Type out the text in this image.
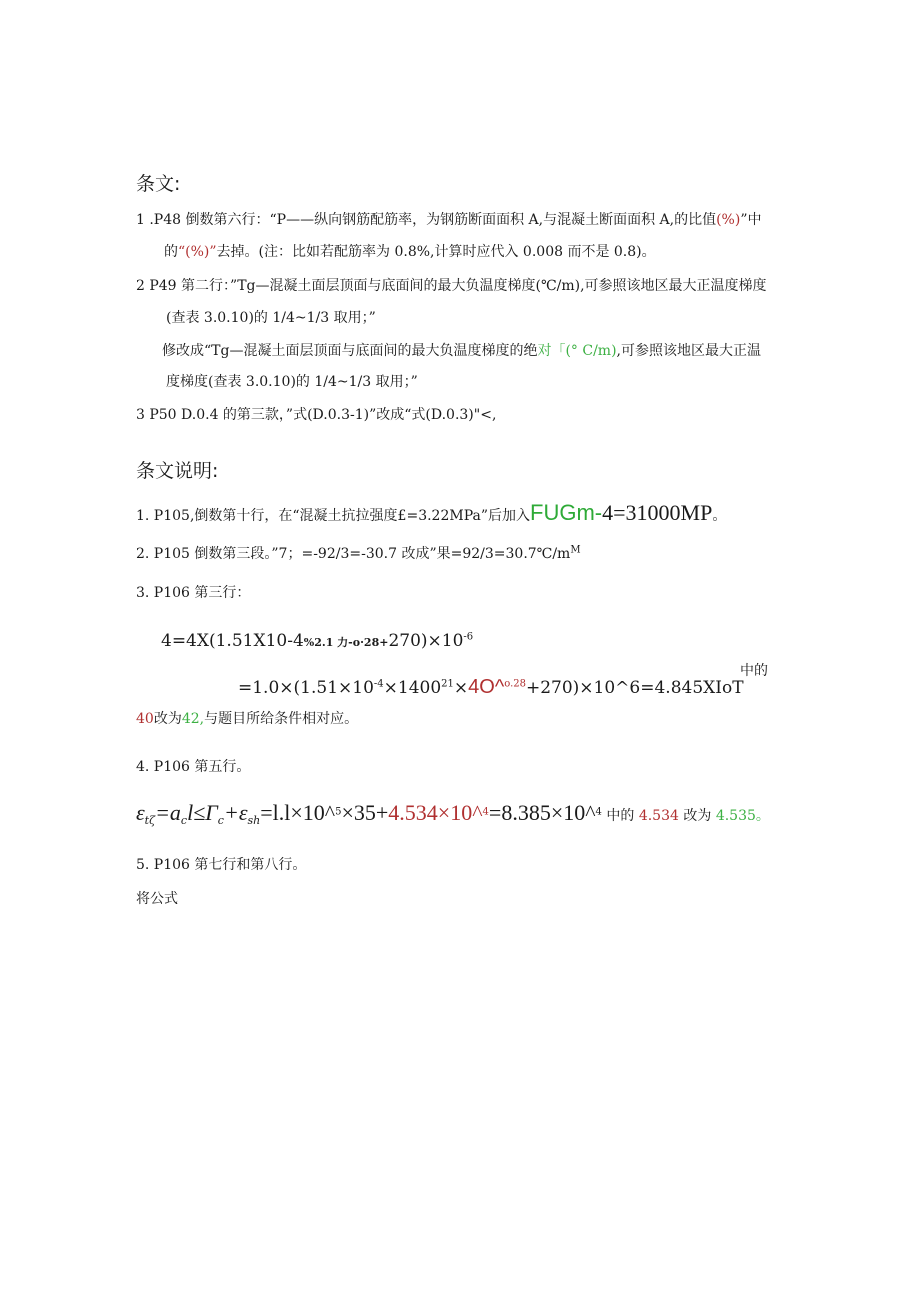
条文:
1 .P48 倒数第六行：“P——纵向钢筋配筋率，为钢筋断面面积 A,与混凝土断面面积 A,的比值(%)”中
的“(%)”去掉。(注：比如若配筋率为 0.8%,计算时应代入 0.008 而不是 0.8)。
2 P49 第二行：”Tg—混凝土面层顶面与底面间的最大负温度梯度(℃/m),可参照该地区最大正温度梯度
(查表 3.0.10)的 1/4~1/3 取用；”
修改成“Tg—混凝土面层顶面与底面间的最大负温度梯度的绝对「(° C/m),可参照该地区最大正温
度梯度(查表 3.0.10)的 1/4~1/3 取用；”
3 P50 D.0.4 的第三款，”式(D.0.3-1)”改成“式(D.0.3)"<,
条文说明:
1. P105,倒数第十行，在“混凝土抗拉强度£=3.22MPa”后加入FUGm-4=31000MP。
2. P105 倒数第三段。”7；=-92/3=-30.7 改成”果$=92/3=30.7℃/m^M$
3. P106 第三行：
4=4X(1.51X10-4%2.1 力$-o\cdot 28+270)\times 10^{-6}$
$=1.0\times(1.51\times 10^{-4}\times 1400^{21}\times 4O\^{}^{o.28}+270)\times 10\^{}6=4.845XIoT$
中的
40改为42,与题目所给条件相对应。
4. P106 第五行。
$\varepsilon_{t\zeta}=a_cl\le\Gamma_c+\varepsilon_{sh}=l.l\times 10\^{}^5\times 35+4.534\times 10\^{}^4=8.385\times 10\^{}^4$ 中的 4.534 改为 4.535。
5. P106 第七行和第八行。
将公式
